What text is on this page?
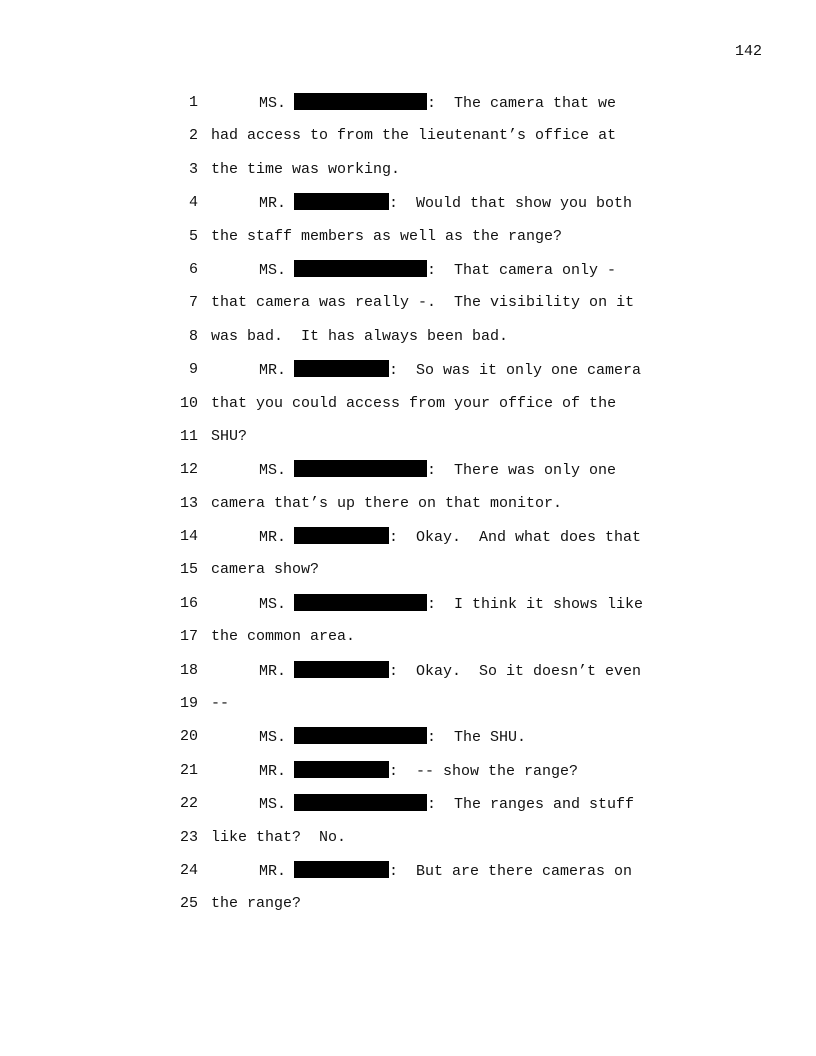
142
1	MS.	:  The camera that we
2 had access to from the lieutenant’s office at
3 the time was working.
4	MR.	:  Would that show you both
5 the staff members as well as the range?
6	MS.	:  That camera only -
7 that camera was really -.  The visibility on it
8 was bad.  It has always been bad.
9	MR.	:  So was it only one camera
10 that you could access from your office of the
11 SHU?
12	MS.	:  There was only one
13 camera that’s up there on that monitor.
14	MR.	:  Okay.  And what does that
15 camera show?
16	MS.	:  I think it shows like
17 the common area.
18	MR.	:  Okay.  So it doesn’t even
19 --
20	MS.	:  The SHU.
21	MR.	:  -- show the range?
22	MS.	:  The ranges and stuff
23 like that?  No.
24	MR.	:  But are there cameras on
25 the range?
